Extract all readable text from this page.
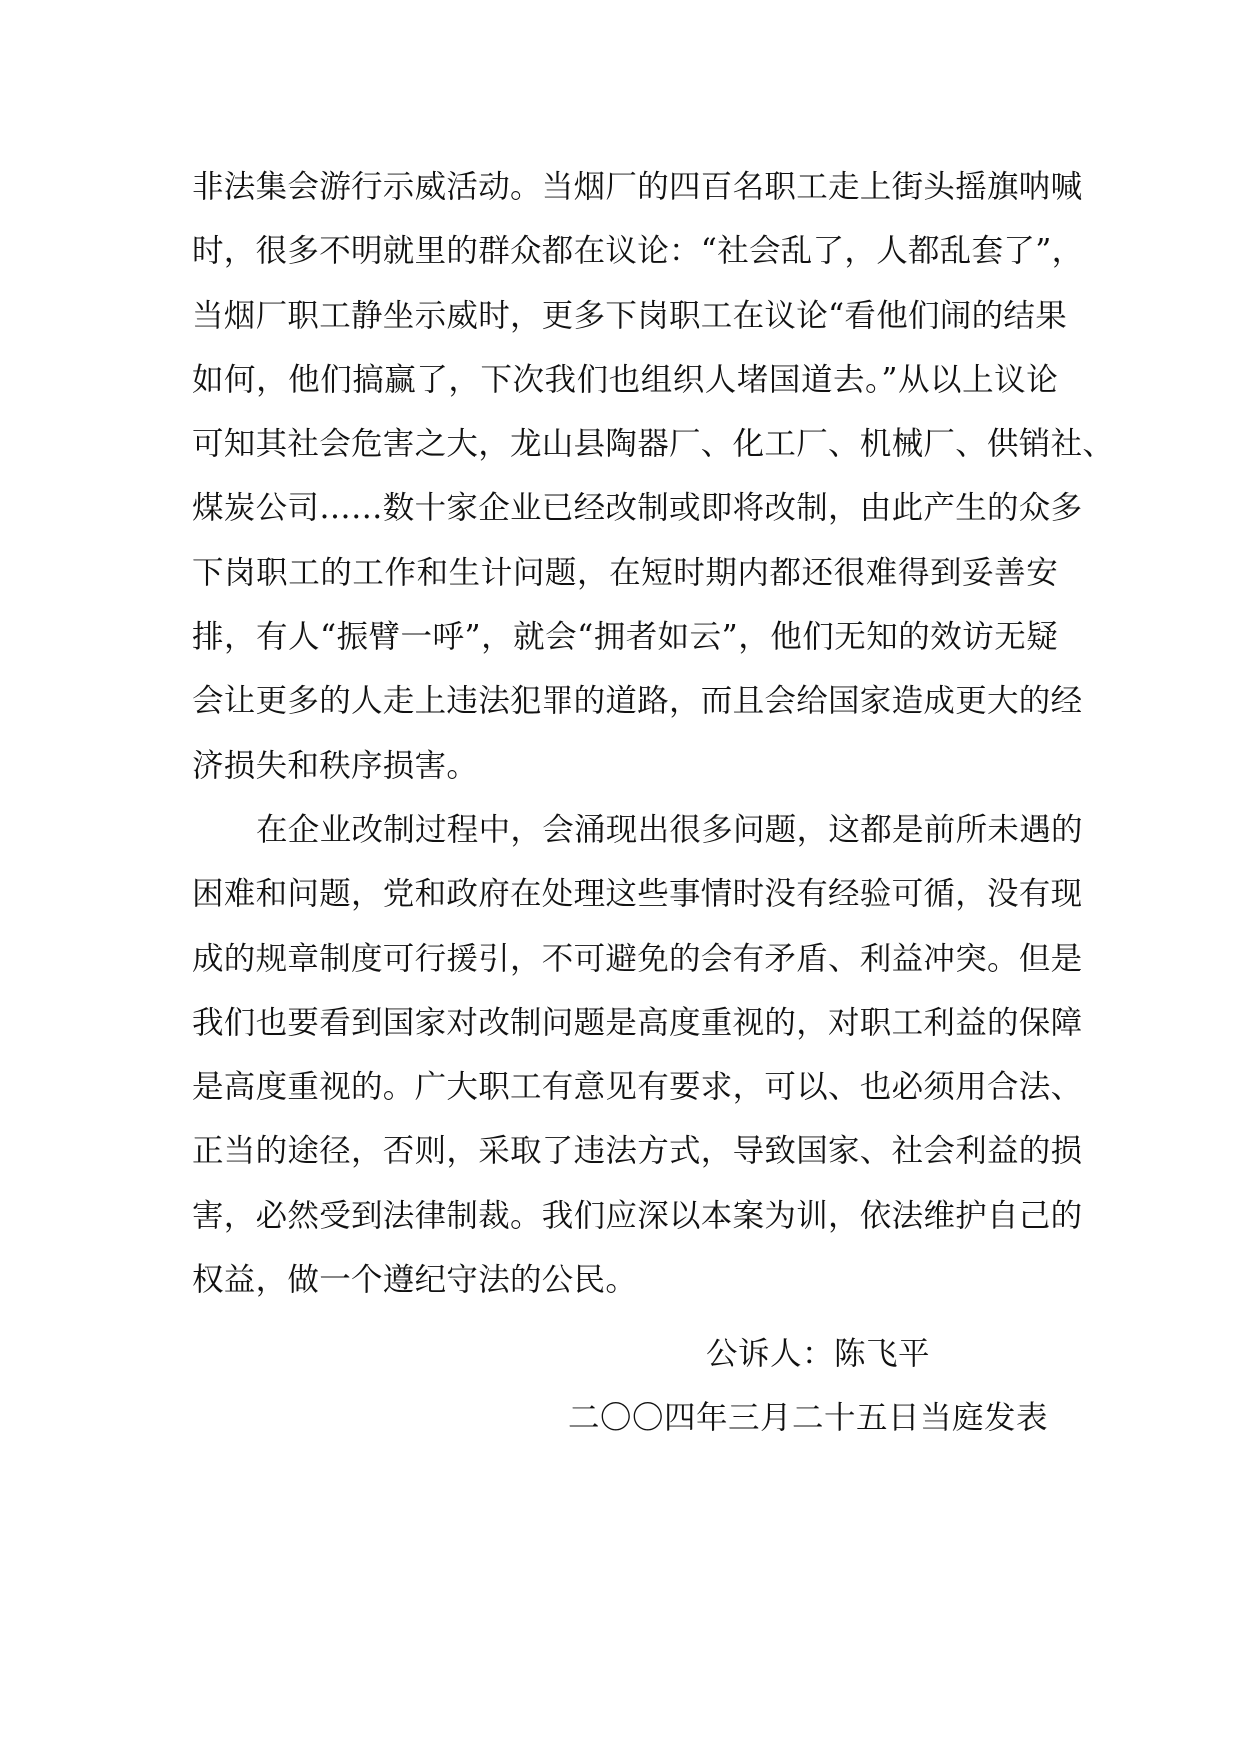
非法集会游行示威活动。当烟厂的四百名职工走上街头摇旗呐喊
时，很多不明就里的群众都在议论：“社会乱了，人都乱套了”，
当烟厂职工静坐示威时，更多下岗职工在议论“看他们闹的结果
如何，他们搞赢了，下次我们也组织人堵国道去。”从以上议论
可知其社会危害之大，龙山县陶器厂、化工厂、机械厂、供销社、
煤炭公司……数十家企业已经改制或即将改制，由此产生的众多
下岗职工的工作和生计问题，在短时期内都还很难得到妥善安
排，有人“振臂一呼”，就会“拥者如云”，他们无知的效访无疑
会让更多的人走上违法犯罪的道路，而且会给国家造成更大的经
济损失和秩序损害。
在企业改制过程中，会涌现出很多问题，这都是前所未遇的
困难和问题，党和政府在处理这些事情时没有经验可循，没有现
成的规章制度可行援引，不可避免的会有矛盾、利益冲突。但是
我们也要看到国家对改制问题是高度重视的，对职工利益的保障
是高度重视的。广大职工有意见有要求，可以、也必须用合法、
正当的途径，否则，采取了违法方式，导致国家、社会利益的损
害，必然受到法律制裁。我们应深以本案为训，依法维护自己的
权益，做一个遵纪守法的公民。
公诉人：陈飞平
二〇〇四年三月二十五日当庭发表
